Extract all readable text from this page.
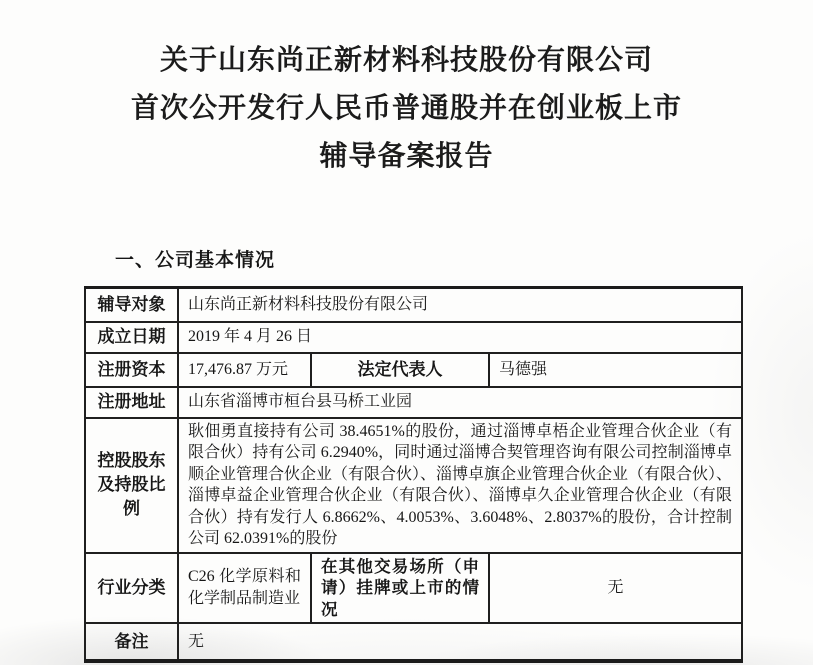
关于山东尚正新材料科技股份有限公司
首次公开发行人民币普通股并在创业板上市
辅导备案报告
一、公司基本情况
辅导对象	山东尚正新材料科技股份有限公司		
成立日期	2019 年 4 月 26 日		
注册资本	17,476.87 万元	法定代表人	马德强
注册地址	山东省淄博市桓台县马桥工业园		
控股股东及持股比例	耿佃勇直接持有公司 38.4651%的股份，通过淄博卓梧企业管理合伙企业（有限合伙）持有公司 6.2940%，同时通过淄博合契管理咨询有限公司控制淄博卓顺企业管理合伙企业（有限合伙）、淄博卓旗企业管理合伙企业（有限合伙）、淄博卓益企业管理合伙企业（有限合伙）、淄博卓久企业管理合伙企业（有限合伙）持有发行人 6.8662%、4.0053%、3.6048%、2.8037%的股份，合计控制公司 62.0391%的股份		
行业分类	C26 化学原料和化学制品制造业	在其他交易场所（申请）挂牌或上市的情况	无
备注	无		
